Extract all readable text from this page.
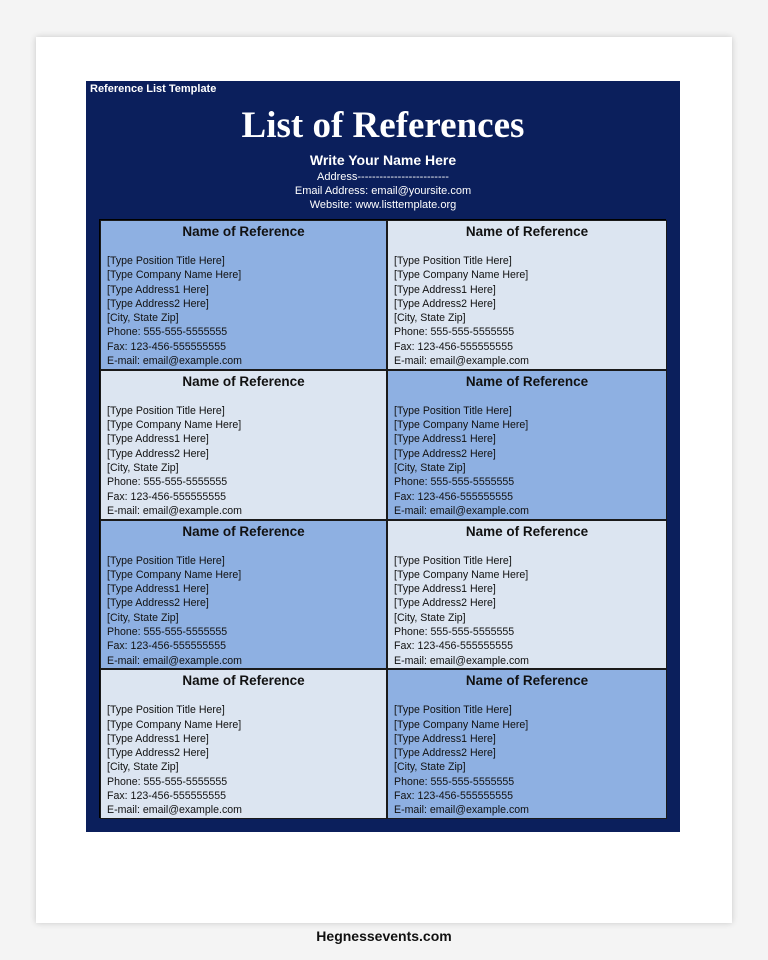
Reference List Template
List of References
Write Your Name Here
Address-------------------------
Email Address: email@yoursite.com
Website: www.listtemplate.org
Name of Reference
[Type Position Title Here]
[Type Company Name Here]
[Type Address1 Here]
[Type Address2 Here]
[City, State Zip]
Phone: 555-555-5555555
Fax: 123-456-555555555
E-mail: email@example.com
Name of Reference
[Type Position Title Here]
[Type Company Name Here]
[Type Address1 Here]
[Type Address2 Here]
[City, State Zip]
Phone: 555-555-5555555
Fax: 123-456-555555555
E-mail: email@example.com
Name of Reference
[Type Position Title Here]
[Type Company Name Here]
[Type Address1 Here]
[Type Address2 Here]
[City, State Zip]
Phone: 555-555-5555555
Fax: 123-456-555555555
E-mail: email@example.com
Name of Reference
[Type Position Title Here]
[Type Company Name Here]
[Type Address1 Here]
[Type Address2 Here]
[City, State Zip]
Phone: 555-555-5555555
Fax: 123-456-555555555
E-mail: email@example.com
Name of Reference
[Type Position Title Here]
[Type Company Name Here]
[Type Address1 Here]
[Type Address2 Here]
[City, State Zip]
Phone: 555-555-5555555
Fax: 123-456-555555555
E-mail: email@example.com
Name of Reference
[Type Position Title Here]
[Type Company Name Here]
[Type Address1 Here]
[Type Address2 Here]
[City, State Zip]
Phone: 555-555-5555555
Fax: 123-456-555555555
E-mail: email@example.com
Name of Reference
[Type Position Title Here]
[Type Company Name Here]
[Type Address1 Here]
[Type Address2 Here]
[City, State Zip]
Phone: 555-555-5555555
Fax: 123-456-555555555
E-mail: email@example.com
Name of Reference
[Type Position Title Here]
[Type Company Name Here]
[Type Address1 Here]
[Type Address2 Here]
[City, State Zip]
Phone: 555-555-5555555
Fax: 123-456-555555555
E-mail: email@example.com
Hegnessevents.com
